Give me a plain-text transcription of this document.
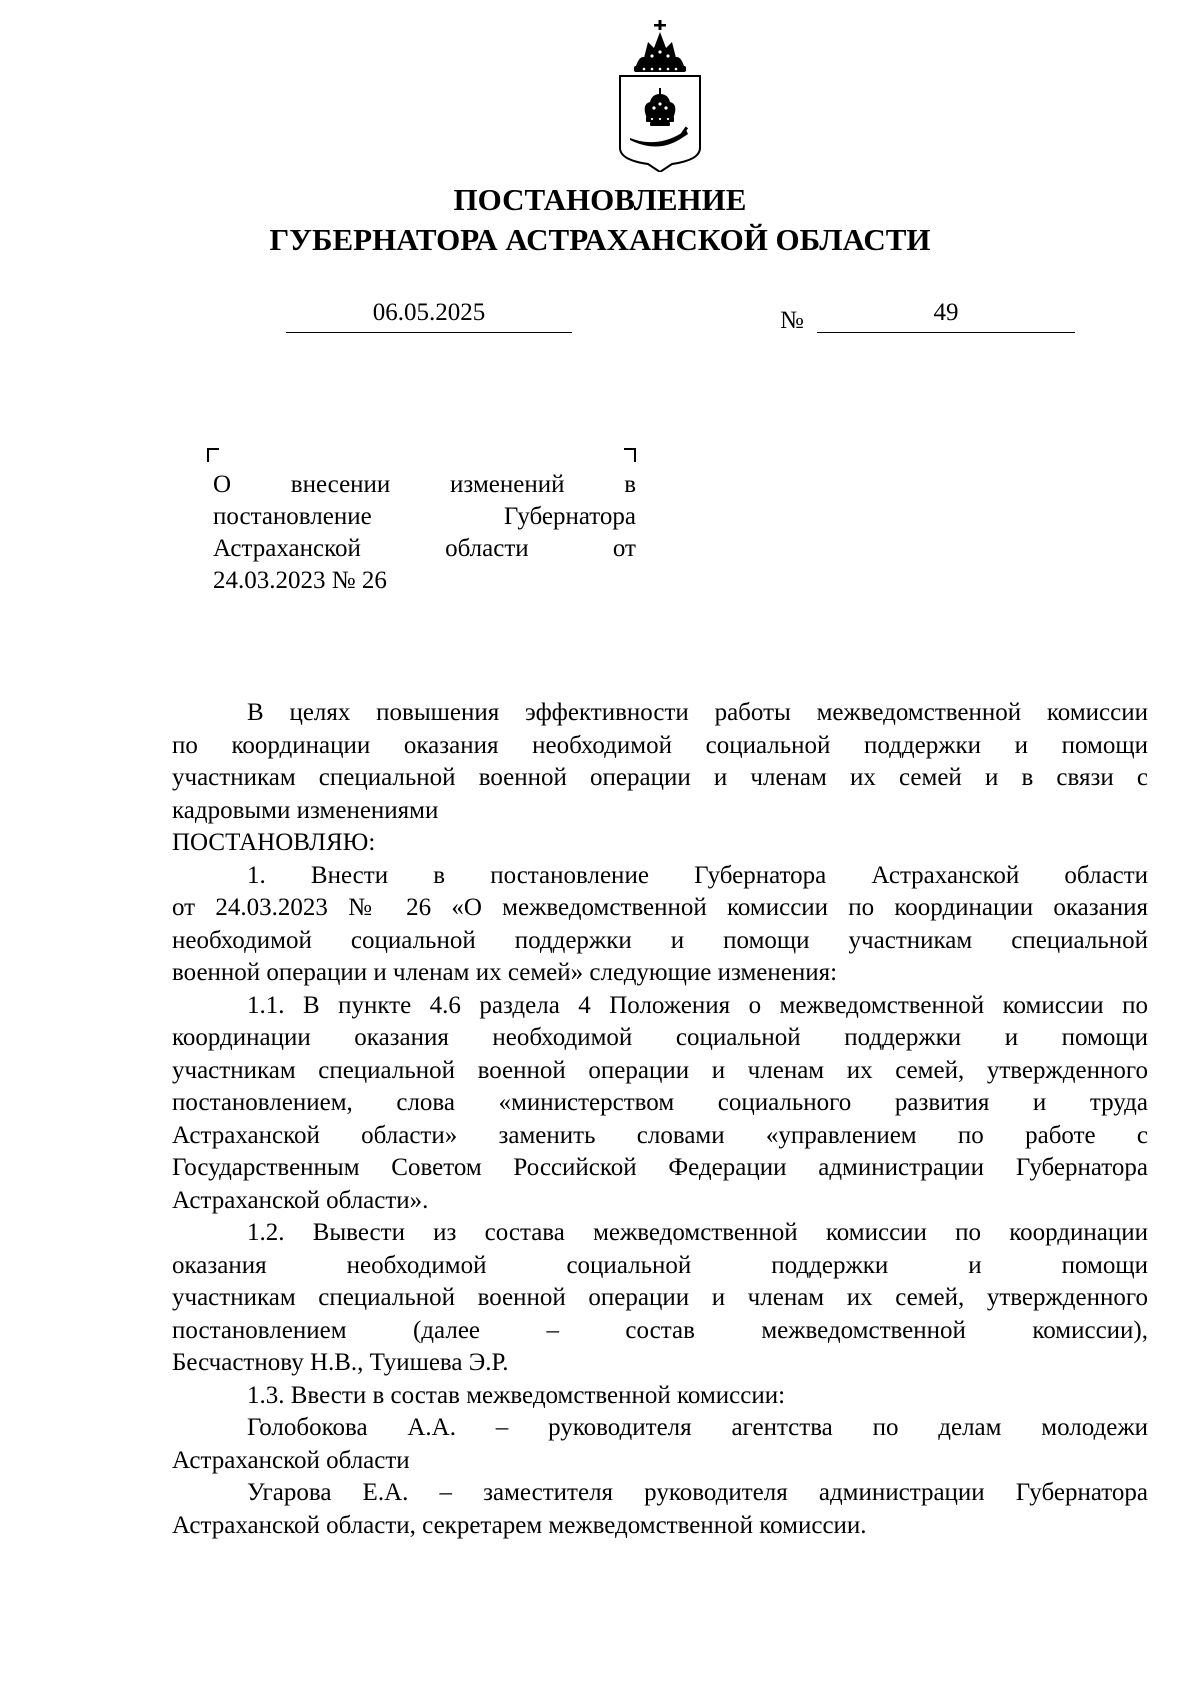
ПОСТАНОВЛЕНИЕ
ГУБЕРНАТОРА АСТРАХАНСКОЙ ОБЛАСТИ
06.05.2025	№	49
О внесении изменений в
постановление Губернатора
Астраханской области от
24.03.2023 № 26
В целях повышения эффективности работы межведомственной комиссии
по координации оказания необходимой социальной поддержки и помощи
участникам специальной военной операции и членам их семей и в связи с
кадровыми изменениями
ПОСТАНОВЛЯЮ:
1. Внести в постановление Губернатора Астраханской области
от 24.03.2023 № 26 «О межведомственной комиссии по координации оказания
необходимой социальной поддержки и помощи участникам специальной
военной операции и членам их семей» следующие изменения:
1.1. В пункте 4.6 раздела 4 Положения о межведомственной комиссии по
координации оказания необходимой социальной поддержки и помощи
участникам специальной военной операции и членам их семей, утвержденного
постановлением, слова «министерством социального развития и труда
Астраханской области» заменить словами «управлением по работе с
Государственным Советом Российской Федерации администрации Губернатора
Астраханской области».
1.2. Вывести из состава межведомственной комиссии по координации
оказания необходимой социальной поддержки и помощи
участникам специальной военной операции и членам их семей, утвержденного
постановлением (далее – состав межведомственной комиссии),
Бесчастнову Н.В., Туишева Э.Р.
1.3. Ввести в состав межведомственной комиссии:
Голобокова А.А. – руководителя агентства по делам молодежи
Астраханской области
Угарова Е.А. – заместителя руководителя администрации Губернатора
Астраханской области, секретарем межведомственной комиссии.
